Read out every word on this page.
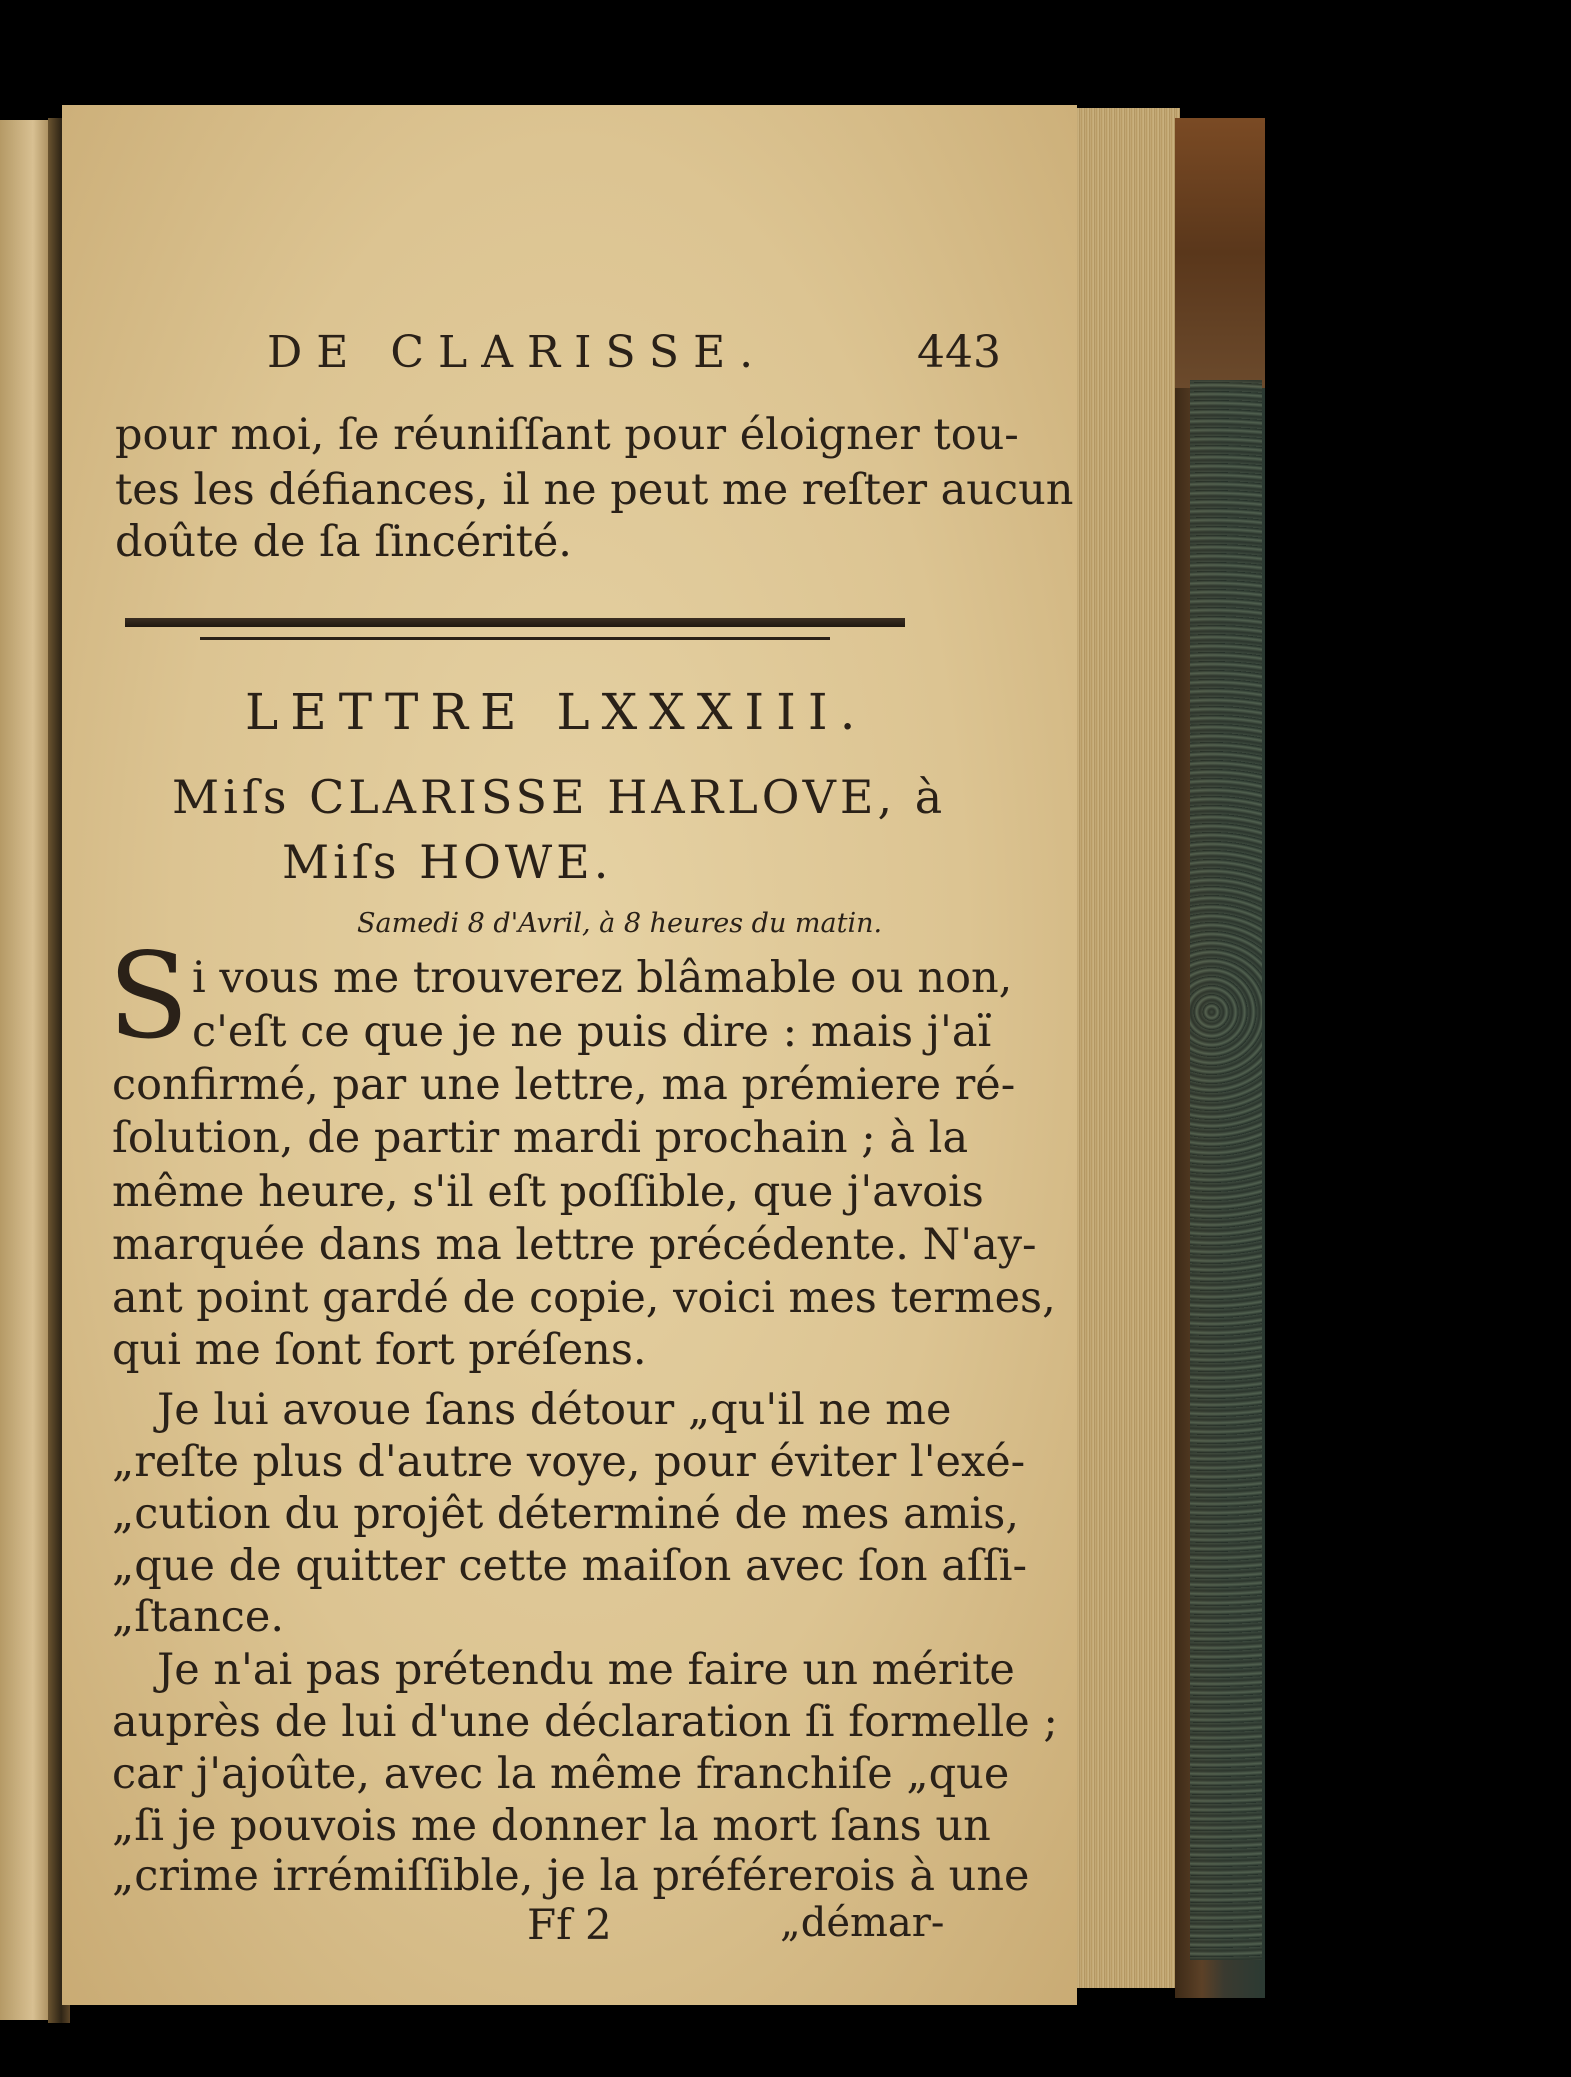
DE CLARISSE.	443
pour moi, ſe réuniſſant pour éloigner tou-
tes les défiances, il ne peut me reſter aucun
doûte de ſa ſincérité.
LETTRE LXXXIII.
Miſs CLARISSE HARLOVE, à
Miſs HOWE.
Samedi 8 d'Avril, à 8 heures du matin.
S i vous me trouverez blâmable ou non,
c'eſt ce que je ne puis dire : mais j'aï
confirmé, par une lettre, ma prémiere ré-
ſolution, de partir mardi prochain ; à la
même heure, s'il eſt poſſible, que j'avois
marquée dans ma lettre précédente. N'ay-
ant point gardé de copie, voici mes termes,
qui me ſont fort préſens.
Je lui avoue ſans détour „qu'il ne me
„reſte plus d'autre voye, pour éviter l'exé-
„cution du projêt déterminé de mes amis,
„que de quitter cette maiſon avec ſon aſſi-
„ſtance.
Je n'ai pas prétendu me faire un mérite
auprès de lui d'une déclaration ſi formelle ;
car j'ajoûte, avec la même franchiſe „que
„ſi je pouvois me donner la mort ſans un
„crime irrémiſſible, je la préférerois à une
Ff 2	„démar-
